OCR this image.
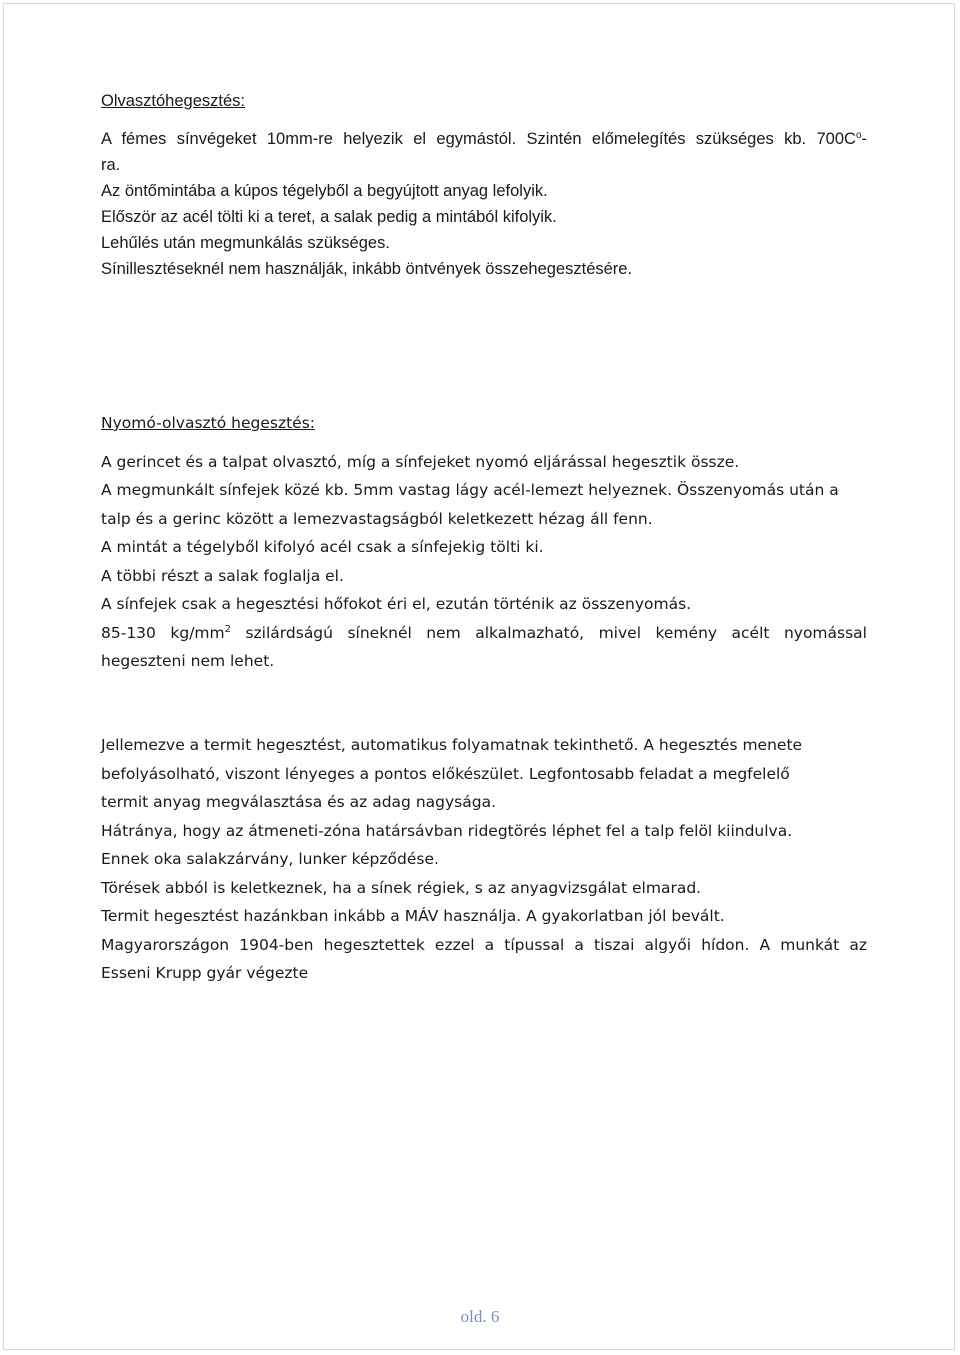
Olvasztóhegesztés:
A fémes sínvégeket 10mm-re helyezik el egymástól. Szintén előmelegítés szükséges kb. $700C^o-$
ra.
Az öntőmintába a kúpos tégelyből a begyújtott anyag lefolyik.
Először az acél tölti ki a teret, a salak pedig a mintából kifolyik.
Lehűlés után megmunkálás szükséges.
Sínillesztéseknél nem használják, inkább öntvények összehegesztésére.
Nyomó-olvasztó hegesztés:
A gerincet és a talpat olvasztó, míg a sínfejeket nyomó eljárással hegesztik össze.
A megmunkált sínfejek közé kb. 5mm vastag lágy acél-lemezt helyeznek. Összenyomás után a
talp és a gerinc között a lemezvastagságból keletkezett hézag áll fenn.
A mintát a tégelyből kifolyó acél csak a sínfejekig tölti ki.
A többi részt a salak foglalja el.
A sínfejek csak a hegesztési hőfokot éri el, ezután történik az összenyomás.
85-130 $kg/mm^2$ szilárdságú síneknél nem alkalmazható, mivel kemény acélt nyomással
hegeszteni nem lehet.
Jellemezve a termit hegesztést, automatikus folyamatnak tekinthető. A hegesztés menete
befolyásolható, viszont lényeges a pontos előkészület. Legfontosabb feladat a megfelelő
termit anyag megválasztása és az adag nagysága.
Hátránya, hogy az átmeneti-zóna határsávban ridegtörés léphet fel a talp felöl kiindulva.
Ennek oka salakzárvány, lunker képződése.
Törések abból is keletkeznek, ha a sínek régiek, s az anyagvizsgálat elmarad.
Termit hegesztést hazánkban inkább a MÁV használja. A gyakorlatban jól bevált.
Magyarországon 1904-ben hegesztettek ezzel a típussal a tiszai algyői hídon. A munkát az
Esseni Krupp gyár végezte
old. 6
